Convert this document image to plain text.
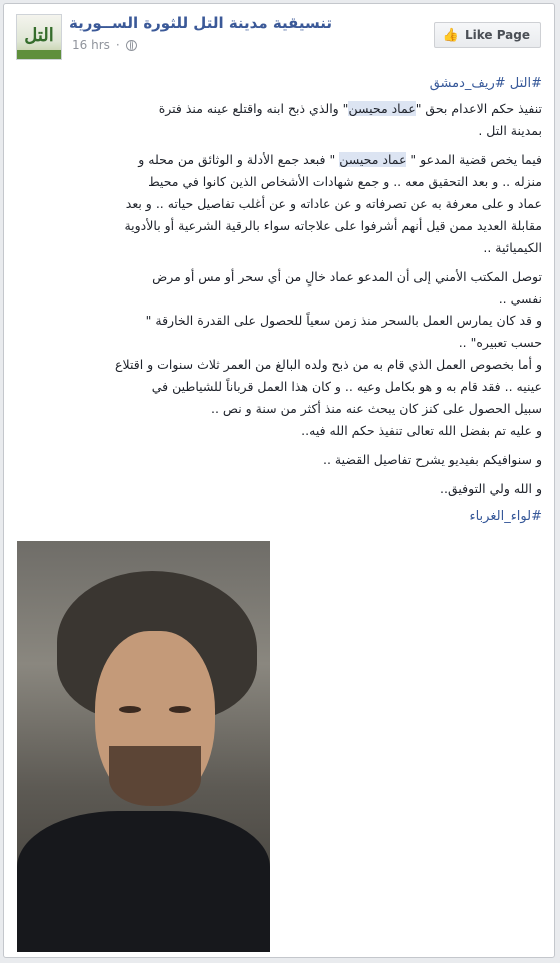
التل
تنسيقية مدينة التل للثورة الســورية
16 hrs ·
👍 Like Page
#التل #ريف_دمشق

تنفيذ حكم الاعدام بحق "عماد محيسن" والذي ذبح ابنه واقتلع عينه منذ فترة
بمدينة التل .

فيما يخص قضية المدعو " عماد محيسن " فبعد جمع الأدلة و الوثائق من محله و
منزله .. و بعد التحقيق معه .. و جمع شهادات الأشخاص الذين كانوا في محيط
عماد و على معرفة به عن تصرفاته و عن عاداته و عن أغلب تفاصيل حياته .. و بعد
مقابلة العديد ممن قيل أنهم أشرفوا على علاجاته سواء بالرقية الشرعية أو بالأدوية
الكيميائية ..

توصل المكتب الأمني إلى أن المدعو عماد خالٍ من أي سحر أو مس أو مرض
نفسي ..
و قد كان يمارس العمل بالسحر منذ زمن سعياً للحصول على القدرة الخارقة "
حسب تعبيره" ..
و أما بخصوص العمل الذي قام به من ذبح ولده البالغ من العمر ثلاث سنوات و اقتلاع
عينيه .. فقد قام به و هو بكامل وعيه .. و كان هذا العمل قرباناً للشياطين في
سبيل الحصول على كنز كان يبحث عنه منذ أكثر من سنة و نص ..
و عليه تم بفضل الله تعالى تنفيذ حكم الله فيه..

و سنوافيكم بفيديو يشرح تفاصيل القضية ..

و الله ولي التوفيق..

#لواء_الغرباء
